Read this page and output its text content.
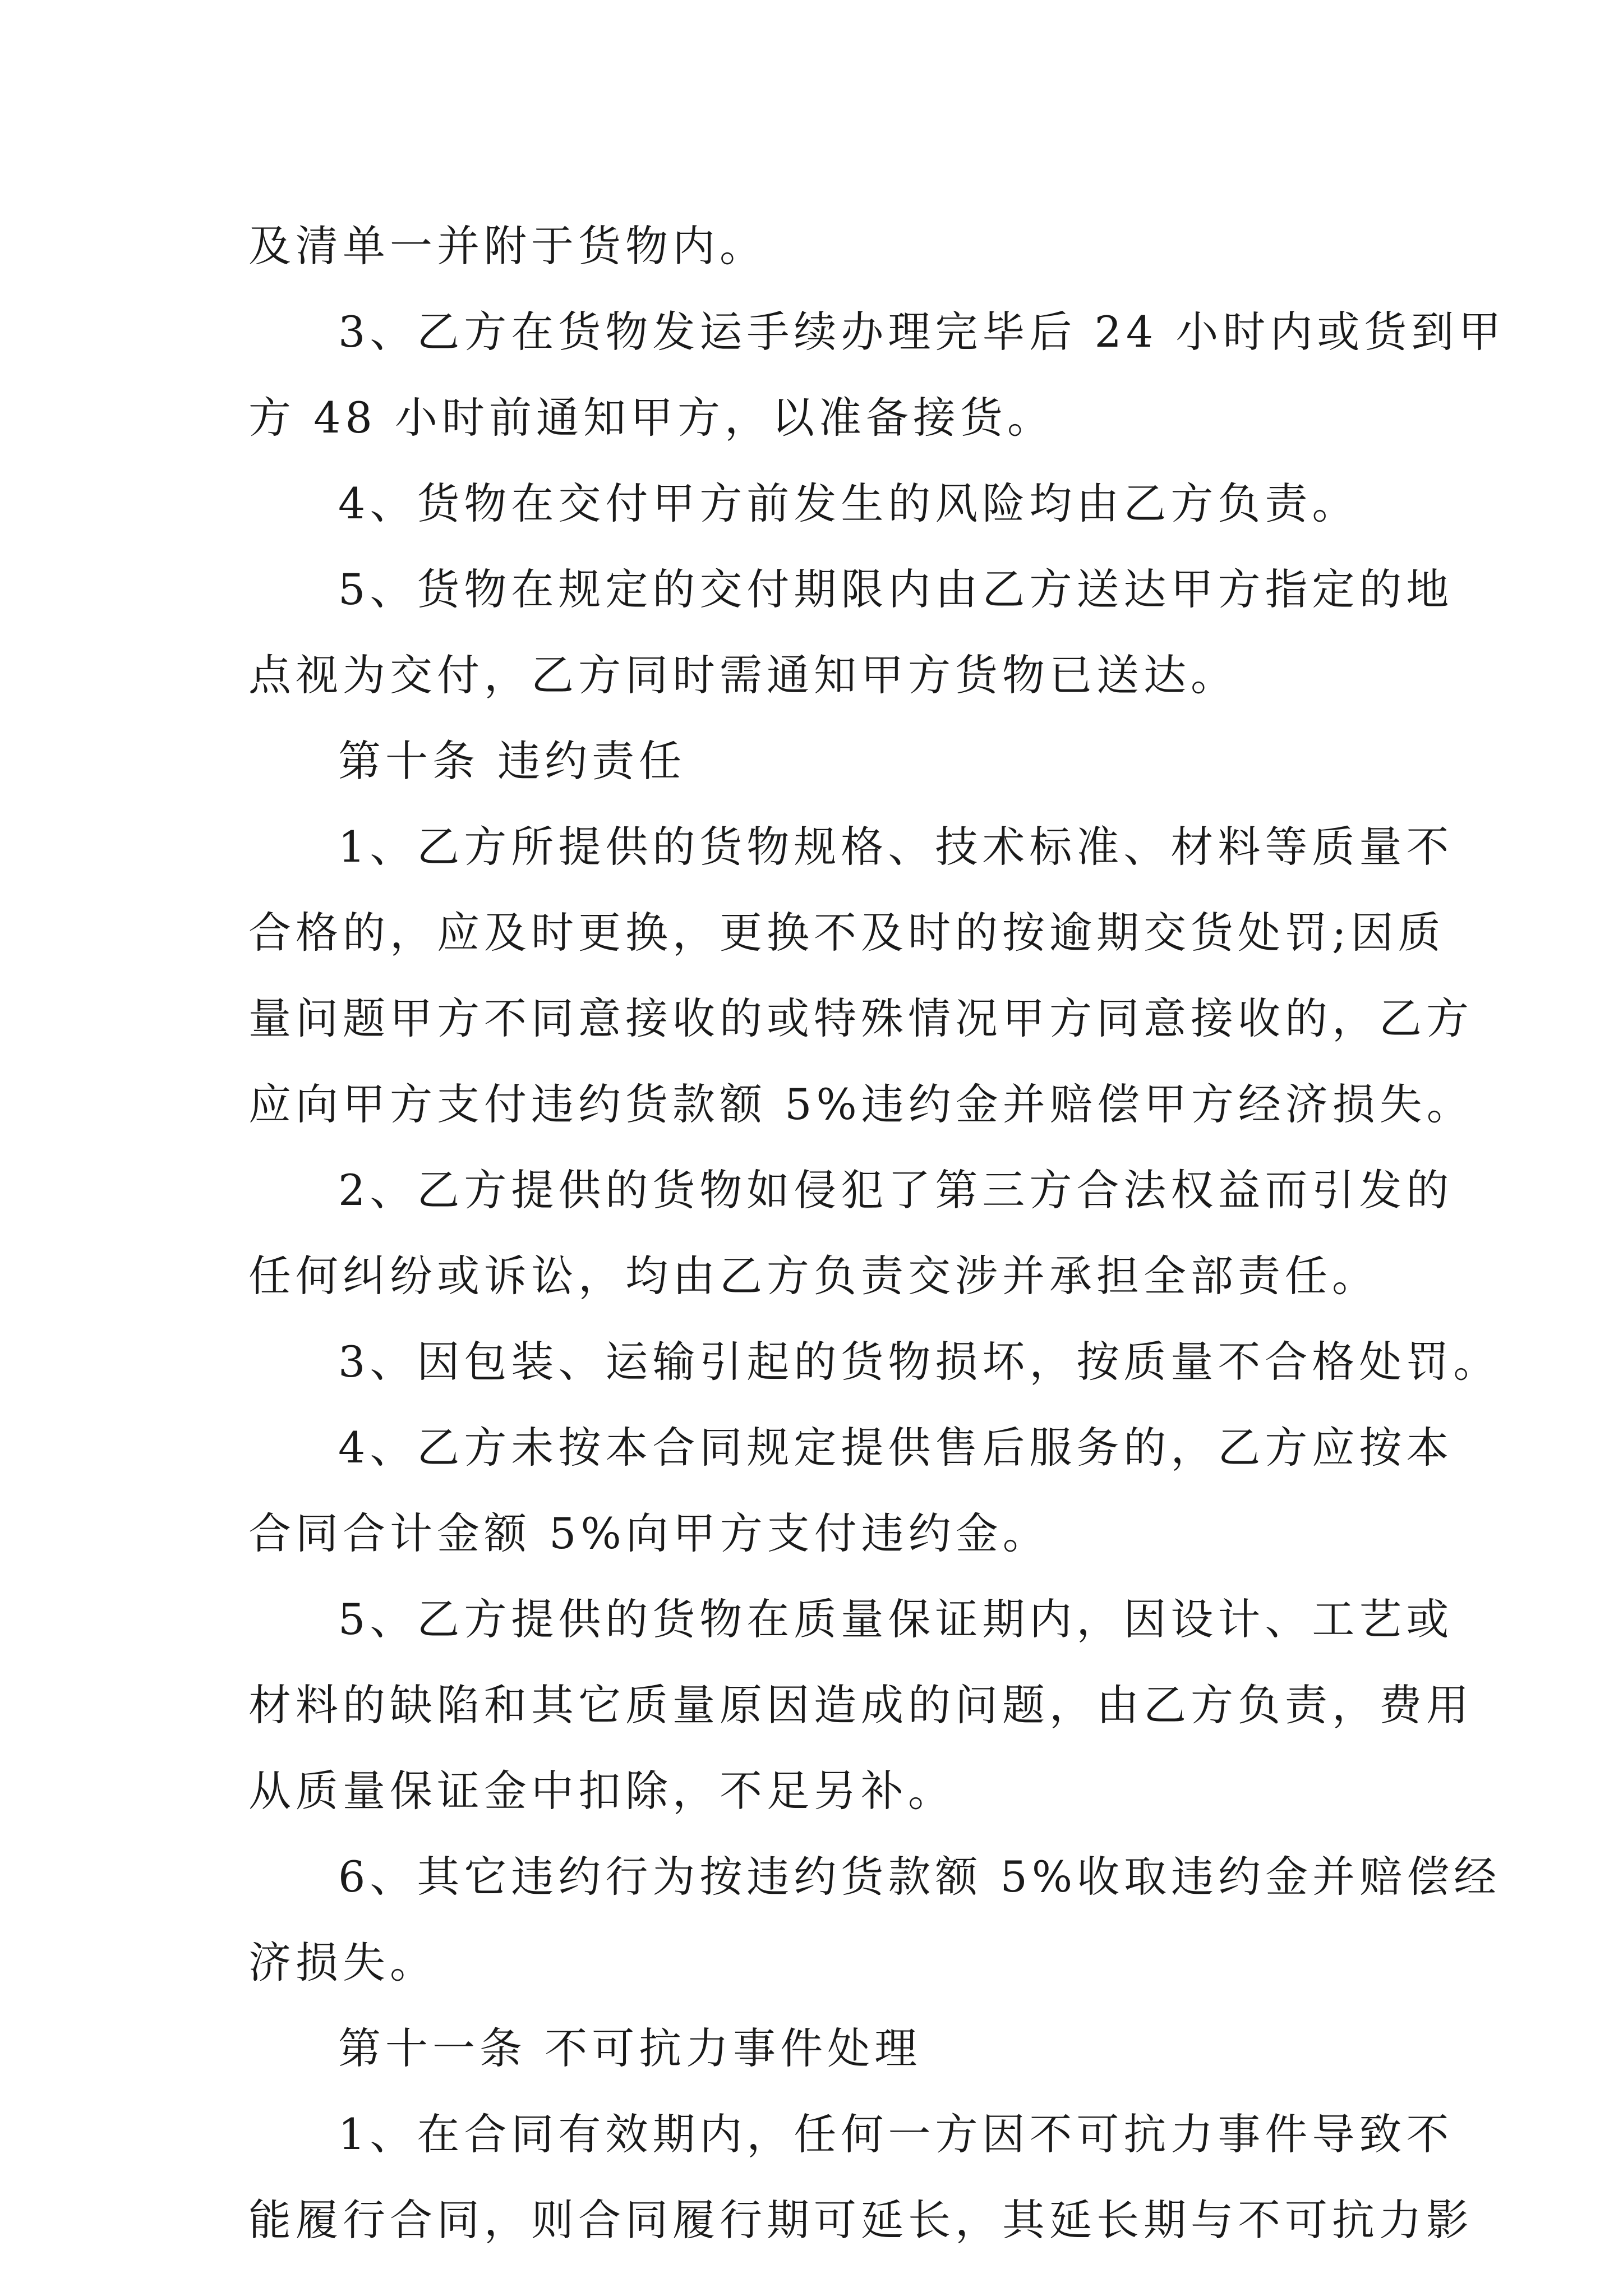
及清单一并附于货物内。
3、乙方在货物发运手续办理完毕后 24 小时内或货到甲
方 48 小时前通知甲方，以准备接货。
4、货物在交付甲方前发生的风险均由乙方负责。
5、货物在规定的交付期限内由乙方送达甲方指定的地
点视为交付，乙方同时需通知甲方货物已送达。
第十条 违约责任
1、乙方所提供的货物规格、技术标准、材料等质量不
合格的，应及时更换，更换不及时的按逾期交货处罚;因质
量问题甲方不同意接收的或特殊情况甲方同意接收的，乙方
应向甲方支付违约货款额 5%违约金并赔偿甲方经济损失。
2、乙方提供的货物如侵犯了第三方合法权益而引发的
任何纠纷或诉讼，均由乙方负责交涉并承担全部责任。
3、因包装、运输引起的货物损坏，按质量不合格处罚。
4、乙方未按本合同规定提供售后服务的，乙方应按本
合同合计金额 5%向甲方支付违约金。
5、乙方提供的货物在质量保证期内，因设计、工艺或
材料的缺陷和其它质量原因造成的问题，由乙方负责，费用
从质量保证金中扣除，不足另补。
6、其它违约行为按违约货款额 5%收取违约金并赔偿经
济损失。
第十一条 不可抗力事件处理
1、在合同有效期内，任何一方因不可抗力事件导致不
能履行合同，则合同履行期可延长，其延长期与不可抗力影
